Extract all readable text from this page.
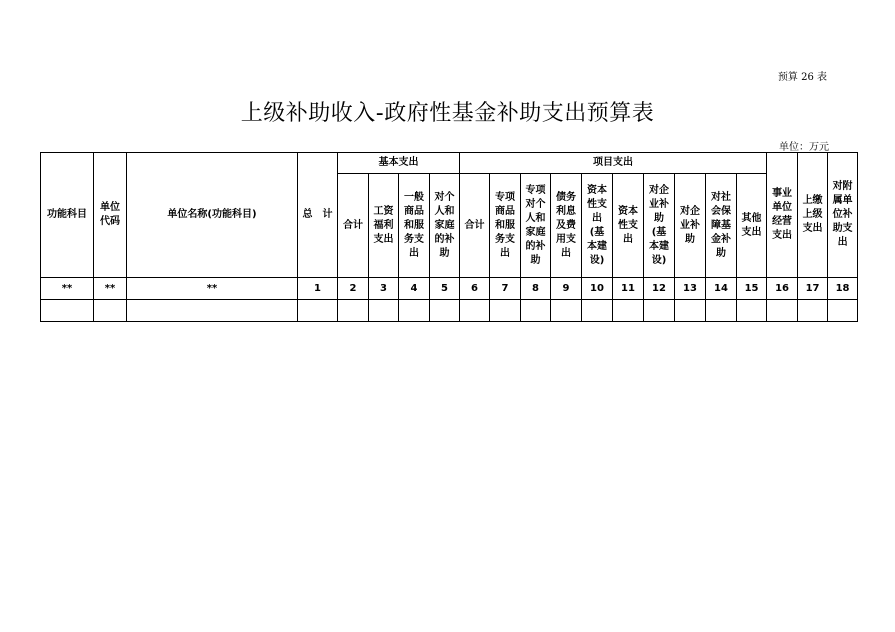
预算 26 表
上级补助收入-政府性基金补助支出预算表
单位：万元
功能科目	单位代码	单位名称(功能科目)	总　计	基本支出				项目支出										事业单位经营支出	上缴上级支出	对附属单位补助支出

				合计	工资福利支出	一般商品和服务支出	对个人和家庭的补助	合计	专项商品和服务支出	专项对个人和家庭的补助	债务利息及费用支出	资本性支出(基本建设)	资本性支出	对企业补助(基本建设)	对企业补助	对社会保障基金补助	其他支出			

**	**	**	1	2	3	4	5	6	7	8	9	10	11	12	13	14	15	16	17	18
